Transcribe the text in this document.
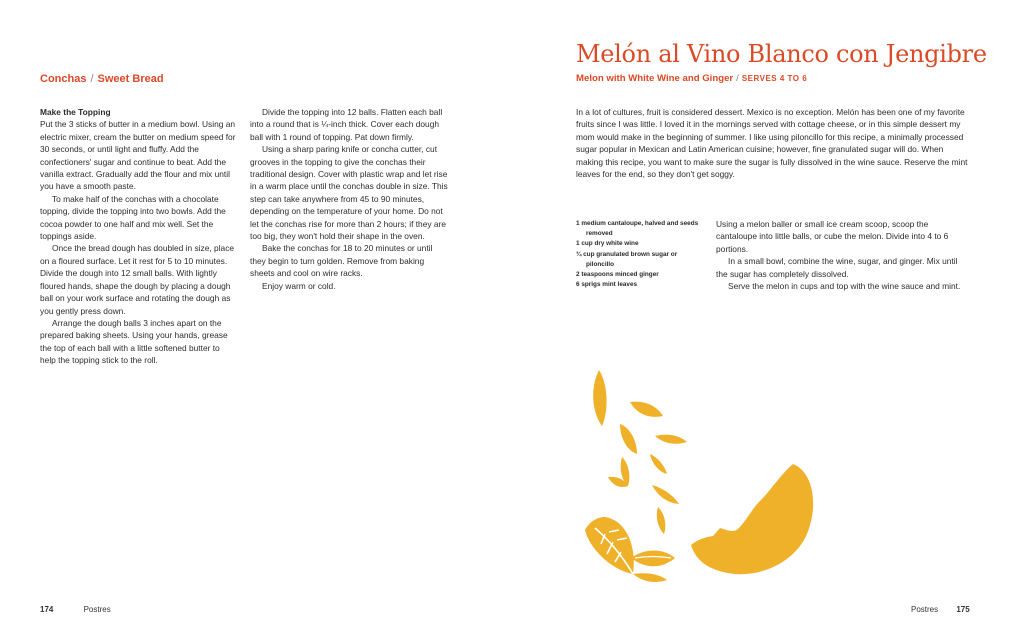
Conchas / Sweet Bread

Make the Topping

Put the 3 sticks of butter in a medium bowl. Using an electric mixer, cream the butter on medium speed for 30 seconds, or until light and fluffy. Add the confectioners' sugar and continue to beat. Add the vanilla extract. Gradually add the flour and mix until you have a smooth paste.

To make half of the conchas with a chocolate topping, divide the topping into two bowls. Add the cocoa powder to one half and mix well. Set the toppings aside.

Once the bread dough has doubled in size, place on a floured surface. Let it rest for 5 to 10 minutes. Divide the dough into 12 small balls. With lightly floured hands, shape the dough by placing a dough ball on your work surface and rotating the dough as you gently press down.

Arrange the dough balls 3 inches apart on the prepared baking sheets. Using your hands, grease the top of each ball with a little softened butter to help the topping stick to the roll.

Divide the topping into 12 balls. Flatten each ball into a round that is ¼-inch thick. Cover each dough ball with 1 round of topping. Pat down firmly.

Using a sharp paring knife or concha cutter, cut grooves in the topping to give the conchas their traditional design. Cover with plastic wrap and let rise in a warm place until the conchas double in size. This step can take anywhere from 45 to 90 minutes, depending on the temperature of your home. Do not let the conchas rise for more than 2 hours; if they are too big, they won't hold their shape in the oven.

Bake the conchas for 18 to 20 minutes or until they begin to turn golden. Remove from baking sheets and cool on wire racks.

Enjoy warm or cold.

174	Postres
Melón al Vino Blanco con Jengibre
Melon with White Wine and Ginger / SERVES 4 TO 6

In a lot of cultures, fruit is considered dessert. Mexico is no exception. Melón has been one of my favorite fruits since I was little. I loved it in the mornings served with cottage cheese, or in this simple dessert my mom would make in the beginning of summer. I like using piloncillo for this recipe, a minimally processed sugar popular in Mexican and Latin American cuisine; however, fine granulated sugar will do. When making this recipe, you want to make sure the sugar is fully dissolved in the wine sauce. Reserve the mint leaves for the end, so they don't get soggy.

1 medium cantaloupe, halved and seeds removed
1 cup dry white wine
¾ cup granulated brown sugar or piloncillo
2 teaspoons minced ginger
6 sprigs mint leaves

Using a melon baller or small ice cream scoop, scoop the cantaloupe into little balls, or cube the melon. Divide into 4 to 6 portions.

In a small bowl, combine the wine, sugar, and ginger. Mix until the sugar has completely dissolved.

Serve the melon in cups and top with the wine sauce and mint.

Postres 175
